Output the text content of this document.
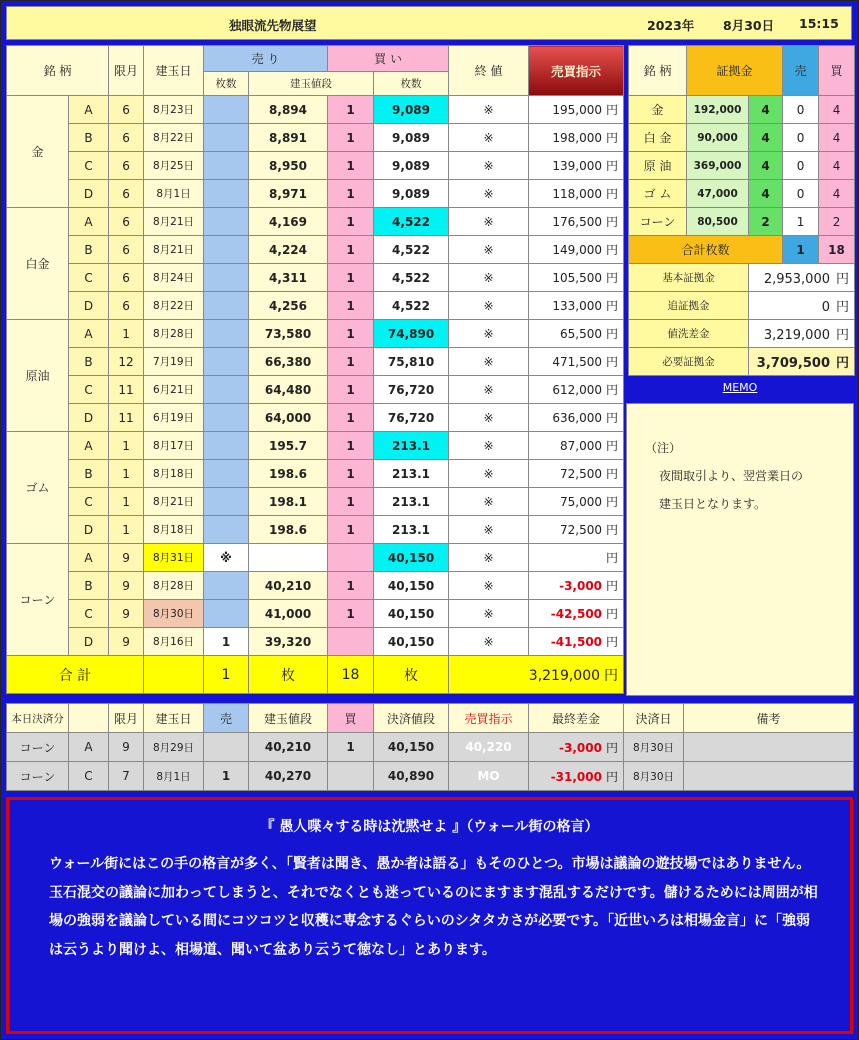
独眼流先物展望	2023年 8月30日 15:15
銘 柄		限月	建玉日	売 り		買 い		終 値	売買指示	
				枚数	建玉値段		枚数			
金	A	6	8月23日		8,894	1	9,089	※	195,000 円	
	B	6	8月22日		8,891	1	9,089	※	198,000 円	
	C	6	8月25日		8,950	1	9,089	※	139,000 円	
	D	6	8月1日		8,971	1	9,089	※	118,000 円	
白金	A	6	8月21日		4,169	1	4,522	※	176,500 円	
	B	6	8月21日		4,224	1	4,522	※	149,000 円	
	C	6	8月24日		4,311	1	4,522	※	105,500 円	
	D	6	8月22日		4,256	1	4,522	※	133,000 円	
原油	A	1	8月28日		73,580	1	74,890	※	65,500 円	
	B	12	7月19日		66,380	1	75,810	※	471,500 円	
	C	11	6月21日		64,480	1	76,720	※	612,000 円	
	D	11	6月19日		64,000	1	76,720	※	636,000 円	
ゴム	A	1	8月17日		195.7	1	213.1	※	87,000 円	
	B	1	8月18日		198.6	1	213.1	※	72,500 円	
	C	1	8月21日		198.1	1	213.1	※	75,000 円	
	D	1	8月18日		198.6	1	213.1	※	72,500 円	
コーン	A	9	8月31日	※			40,150	※	円	
	B	9	8月28日		40,210	1	40,150	※	-3,000 円	
	C	9	8月30日		41,000	1	40,150	※	-42,500 円	
	D	9	8月16日	1	39,320		40,150	※	-41,500 円	
合 計				1	枚	18	枚	3,219,000 円		
銘 柄	証拠金		売	買
金	192,000	4	0	4
白 金	90,000	4	0	4
原 油	369,000	4	0	4
ゴ ム	47,000	4	0	4
コーン	80,500	2	1	2
合計枚数			1	18
基本証拠金		2,953,000 円		
追証拠金		0 円		
値洗差金		3,219,000 円		
必要証拠金		3,709,500 円		
MEMO
（注）
夜間取引より、翌営業日の
建玉日となります。
本日決済分		限月	建玉日	売	建玉値段	買	決済値段	売買指示	最終差金	決済日	備考
コーン	A	9	8月29日		40,210	1	40,150	40,220	-3,000 円	8月30日	
コーン	C	7	8月1日	1	40,270		40,890	MO	-31,000 円	8月30日	
『 愚人喋々する時は沈黙せよ 』（ウォール街の格言）
ウォール街にはこの手の格言が多く、「賢者は聞き、愚か者は語る」もそのひとつ。市場は議論の遊技場ではありません。玉石混交の議論に加わってしまうと、それでなくとも迷っているのにますます混乱するだけです。儲けるためには周囲が相場の強弱を議論している間にコツコツと収穫に専念するぐらいのシタタカさが必要です。「近世いろは相場金言」に「強弱は云うより聞けよ、相場道、聞いて盆あり云うて徳なし」とあります。
